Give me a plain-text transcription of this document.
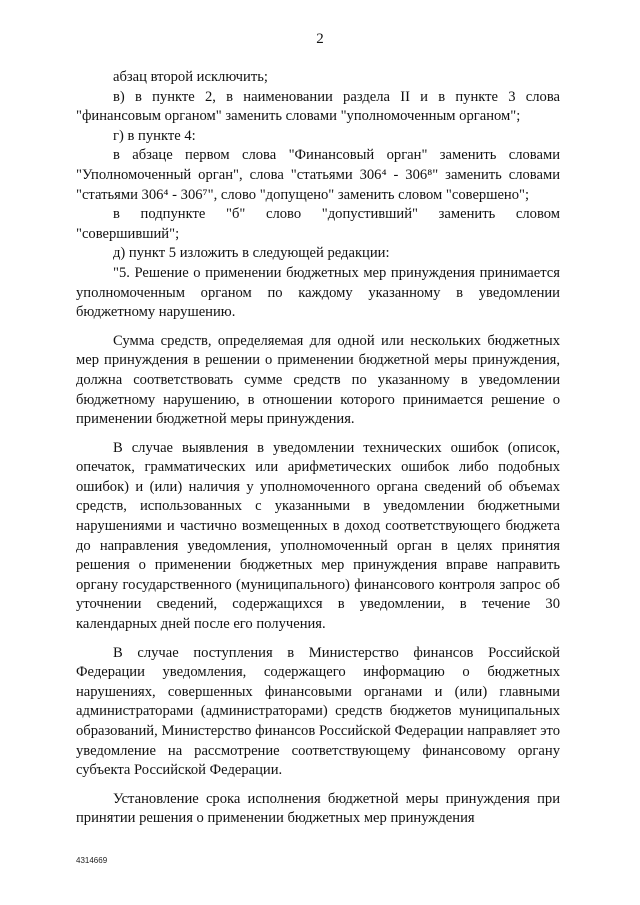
2

абзац второй исключить;

в) в пункте 2, в наименовании раздела II и в пункте 3 слова "финансовым органом" заменить словами "уполномоченным органом";

г) в пункте 4:

в абзаце первом слова "Финансовый орган" заменить словами "Уполномоченный орган", слова "статьями 306⁴ - 306⁸" заменить словами "статьями 306⁴ - 306⁷", слово "допущено" заменить словом "совершено";

в подпункте "б" слово "допустивший" заменить словом "совершивший";

д) пункт 5 изложить в следующей редакции:

"5. Решение о применении бюджетных мер принуждения принимается уполномоченным органом по каждому указанному в уведомлении бюджетному нарушению.

Сумма средств, определяемая для одной или нескольких бюджетных мер принуждения в решении о применении бюджетной меры принуждения, должна соответствовать сумме средств по указанному в уведомлении бюджетному нарушению, в отношении которого принимается решение о применении бюджетной меры принуждения.

В случае выявления в уведомлении технических ошибок (описок, опечаток, грамматических или арифметических ошибок либо подобных ошибок) и (или) наличия у уполномоченного органа сведений об объемах средств, использованных с указанными в уведомлении бюджетными нарушениями и частично возмещенных в доход соответствующего бюджета до направления уведомления, уполномоченный орган в целях принятия решения о применении бюджетных мер принуждения вправе направить органу государственного (муниципального) финансового контроля запрос об уточнении сведений, содержащихся в уведомлении, в течение 30 календарных дней после его получения.

В случае поступления в Министерство финансов Российской Федерации уведомления, содержащего информацию о бюджетных нарушениях, совершенных финансовыми органами и (или) главными администраторами (администраторами) средств бюджетов муниципальных образований, Министерство финансов Российской Федерации направляет это уведомление на рассмотрение соответствующему финансовому органу субъекта Российской Федерации.

Установление срока исполнения бюджетной меры принуждения при принятии решения о применении бюджетных мер принуждения

4314669
